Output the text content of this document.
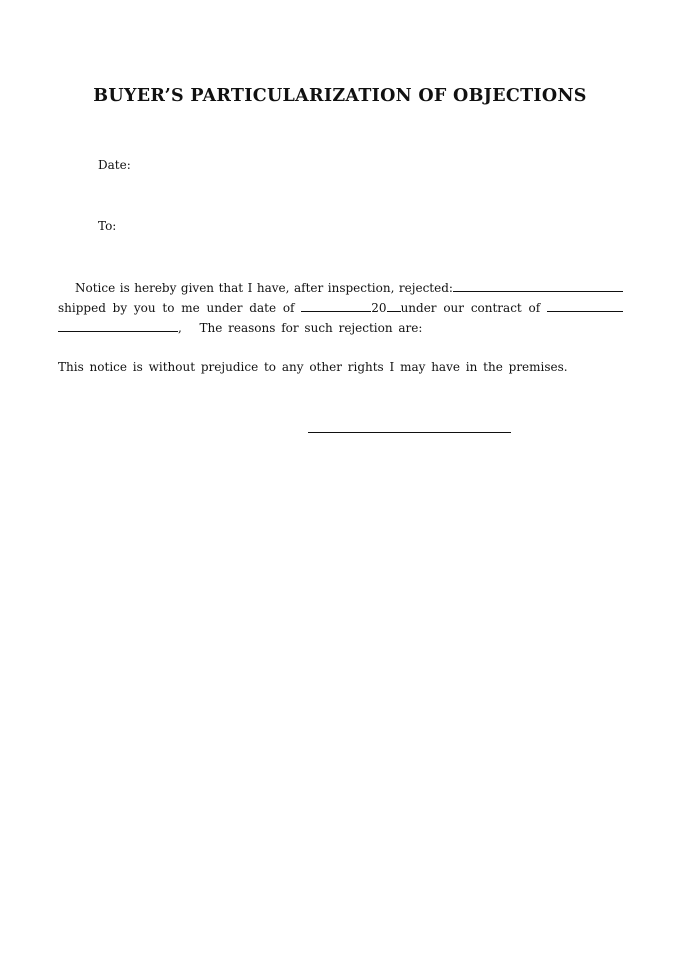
BUYER’S PARTICULARIZATION OF OBJECTIONS
Date:
To:
Notice is hereby given that I have, after inspection, rejected:
shipped by you to me under date of	20 under our contract of
, The reasons for such rejection are:
This notice is without prejudice to any other rights I may have in the premises.
